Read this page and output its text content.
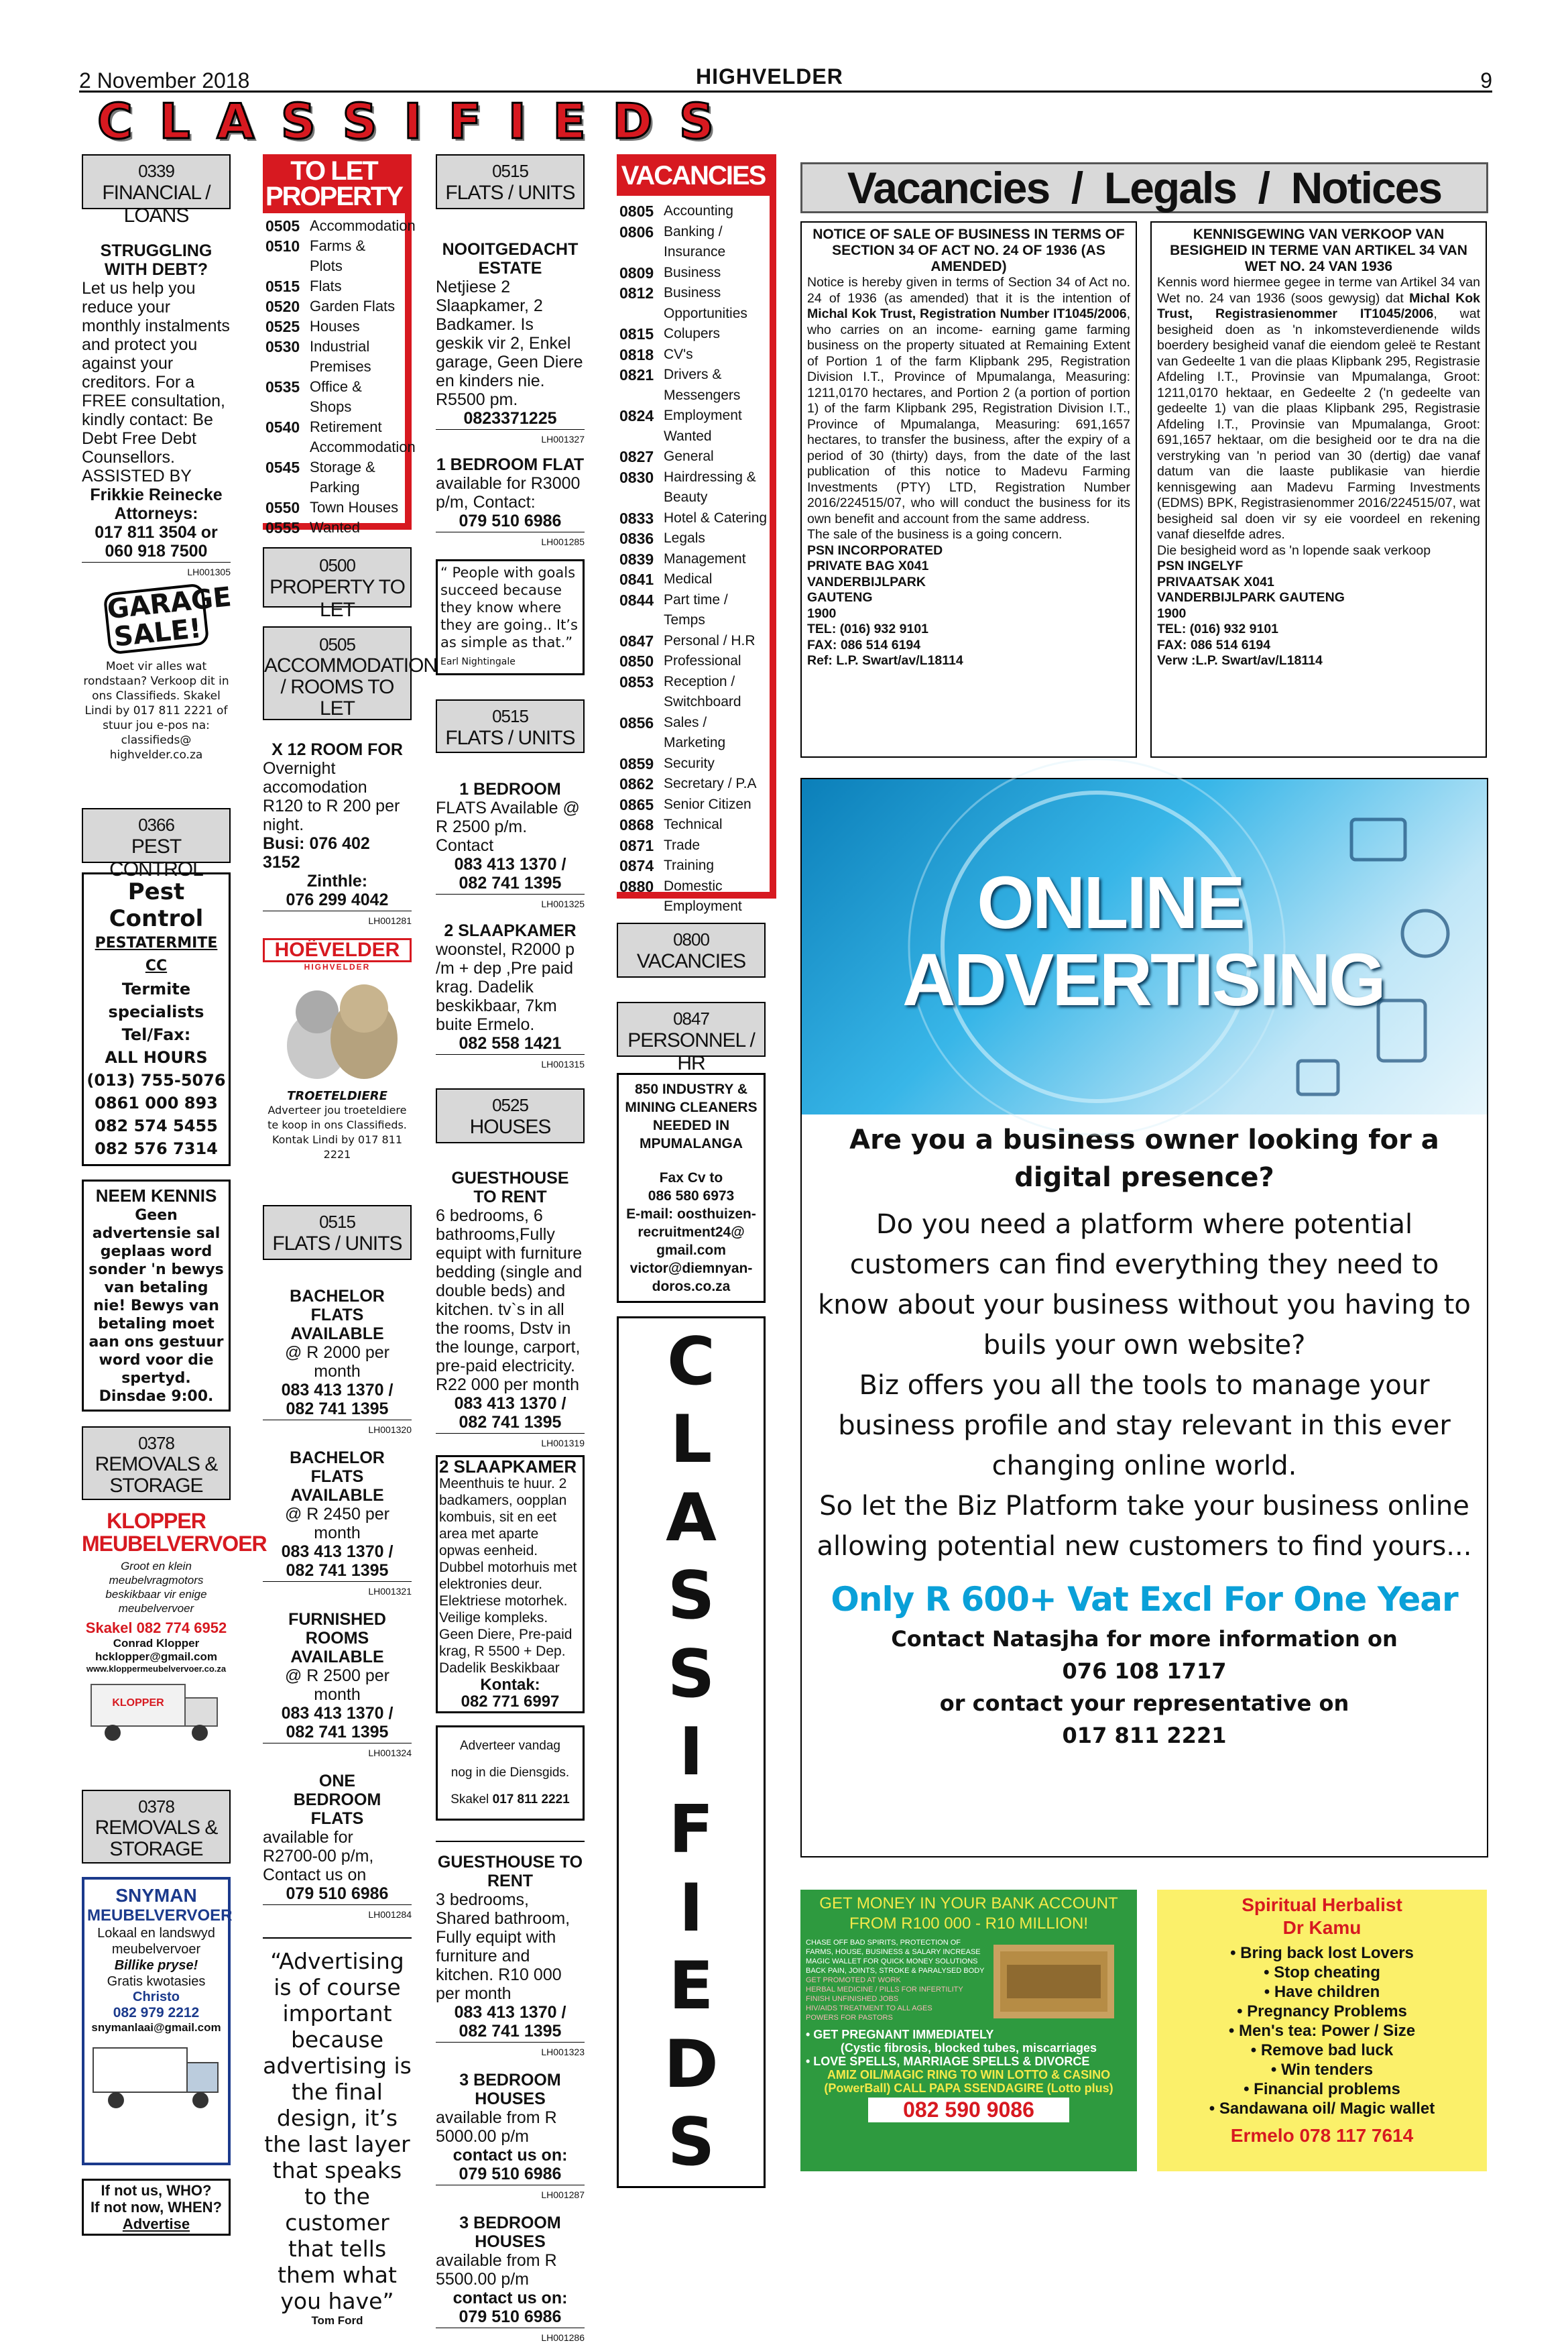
2 November 2018	HIGHVELDER	9
C L A S S I F I E D S
0339
FINANCIAL / LOANS
STRUGGLING WITH DEBT?
Let us help you reduce your monthly instalments and protect you against your creditors. For a FREE consultation, kindly contact: Be Debt Free Debt Counsellors. ASSISTED BY
Frikkie Reinecke
Attorneys:
017 811 3504 or 060 918 7500
LH001305
GARAGE SALE!
Moet vir alles wat rondstaan? Verkoop dit in ons Classifieds. Skakel Lindi by 017 811 2221 of stuur jou e-pos na: classifieds@ highvelder.co.za
0366
PEST CONTROL
Pest Control
PESTATERMITE CC
Termite
specialists
Tel/Fax:
ALL HOURS
(013) 755-5076
0861 000 893
082 574 5455
082 576 7314
NEEM KENNIS
Geen advertensie sal geplaas word sonder 'n bewys van betaling nie! Bewys van betaling moet aan ons gestuur word voor die spertyd. Dinsdae 9:00.
0378
REMOVALS & STORAGE
KLOPPER MEUBELVERVOER
Groot en klein meubelvragmotors beskikbaar vir enige meubelvervoer
Skakel 082 774 6952
Conrad Klopper
hcklopper@gmail.com
www.kloppermeubelvervoer.co.za
KLOPPER
0378
REMOVALS & STORAGE
SNYMAN
MEUBELVERVOER
Lokaal en landswyd
meubelvervoer
Billike pryse!
Gratis kwotasies
Christo
082 979 2212
snymanlaai@gmail.com
If not us, WHO?
If not now, WHEN?
Advertise
TO LET PROPERTY
0505 Accommodation
0510 Farms & Plots
0515 Flats
0520 Garden Flats
0525 Houses
0530 Industrial Premises
0535 Office & Shops
0540 Retirement Accommodation
0545 Storage & Parking
0550 Town Houses
0555 Wanted
0500
PROPERTY TO LET
0505
ACCOMMODATION / ROOMS TO LET
X 12 ROOM FOR
Overnight accomodation R120 to R 200 per night.
Busi: 076 402 3152
Zinthle:
076 299 4042
LH001281
HOËVELDER
HIGHVELDER
TROETELDIERE
Adverteer jou troeteldiere te koop in ons Classifieds. Kontak Lindi by 017 811 2221
0515
FLATS / UNITS
BACHELOR FLATS AVAILABLE
@ R 2000 per month
083 413 1370 / 082 741 1395
LH001320
BACHELOR FLATS AVAILABLE
@ R 2450 per month
083 413 1370 / 082 741 1395
LH001321
FURNISHED ROOMS AVAILABLE
@ R 2500 per month
083 413 1370 / 082 741 1395
LH001324
ONE BEDROOM FLATS
available for R2700-00 p/m, Contact us on
079 510 6986
LH001284
“Advertising is of course important because advertising is the final design, it’s the last layer that speaks to the customer that tells them what you have”
Tom Ford
0515
FLATS / UNITS
NOOITGEDACHT ESTATE
Netjiese 2 Slaapkamer, 2 Badkamer. Is geskik vir 2, Enkel garage, Geen Diere en kinders nie. R5500 pm.
0823371225
LH001327
1 BEDROOM FLAT
available for R3000 p/m, Contact:
079 510 6986
LH001285
“ People with goals succeed because they know where they are going.. It’s as simple as that.” Earl Nightingale
0515
FLATS / UNITS
1 BEDROOM
FLATS Available @ R 2500 p/m. Contact
083 413 1370 / 082 741 1395
LH001325
2 SLAAPKAMER
woonstel, R2000 p /m + dep ,Pre paid krag. Dadelik beskikbaar, 7km buite Ermelo.
082 558 1421
LH001315
0525
HOUSES
GUESTHOUSE TO RENT
6 bedrooms, 6 bathrooms,Fully equipt with furniture bedding (single and double beds) and kitchen. tv`s in all the rooms, Dstv in the lounge, carport, pre-paid electricity. R22 000 per month
083 413 1370 / 082 741 1395
LH001319
2 SLAAPKAMER
Meenthuis te huur. 2 badkamers, oopplan kombuis, sit en eet area met aparte opwas eenheid. Dubbel motorhuis met elektronies deur. Elektriese motorhek. Veilige kompleks. Geen Diere, Pre-paid krag, R 5500 + Dep. Dadelik Beskikbaar
Kontak:
082 771 6997
Adverteer vandag
nog in die Diensgids.
Skakel 017 811 2221
GUESTHOUSE TO RENT
3 bedrooms, Shared bathroom, Fully equipt with furniture and kitchen. R10 000 per month
083 413 1370 / 082 741 1395
LH001323
3 BEDROOM HOUSES
available from R 5000.00 p/m
contact us on:
079 510 6986
LH001287
3 BEDROOM HOUSES
available from R 5500.00 p/m
contact us on:
079 510 6986
LH001286
VACANCIES
0805 Accounting
0806 Banking / Insurance
0809 Business
0812 Business Opportunities
0815 Colupers
0818 CV's
0821 Drivers & Messengers
0824 Employment Wanted
0827 General
0830 Hairdressing & Beauty
0833 Hotel & Catering
0836 Legals
0839 Management
0841 Medical
0844 Part time / Temps
0847 Personal / H.R
0850 Professional
0853 Reception / Switchboard
0856 Sales / Marketing
0859 Security
0862 Secretary / P.A
0865 Senior Citizen
0868 Technical
0871 Trade
0874 Training
0880 Domestic Employment
0800
VACANCIES
0847
PERSONNEL / HR
850 INDUSTRY & MINING CLEANERS NEEDED IN MPUMALANGA
Fax Cv to
086 580 6973
E-mail: oosthuizen-recruitment24@ gmail.com
victor@diemnyan-doros.co.za
C
L
A
S
S
I
F
I
E
D
S
Vacancies  /  Legals  /  Notices
NOTICE OF SALE OF BUSINESS IN TERMS OF SECTION 34 OF ACT NO. 24 OF 1936 (AS AMENDED)
Notice is hereby given in terms of Section 34 of Act no. 24 of 1936 (as amended) that it is the intention of Michal Kok Trust, Registration Number IT1045/2006, who carries on an income- earning game farming business on the property situated at Remaining Extent of Portion 1 of the farm Klipbank 295, Registration Division I.T., Province of Mpumalanga, Measuring: 1211,0170 hectares, and Portion 2 (a portion of portion 1) of the farm Klipbank 295, Registration Division I.T., Province of Mpumalanga, Measuring: 691,1657 hectares, to transfer the business, after the expiry of a period of 30 (thirty) days, from the date of the last publication of this notice to Madevu Farming Investments (PTY) LTD, Registration Number 2016/224515/07, who will conduct the business for its own benefit and account from the same address.
The sale of the business is a going concern.
PSN INCORPORATED
PRIVATE BAG X041
VANDERBIJLPARK
GAUTENG
1900
TEL: (016) 932 9101
FAX: 086 514 6194
Ref: L.P. Swart/av/L18114
KENNISGEWING VAN VERKOOP VAN BESIGHEID IN TERME VAN ARTIKEL 34 VAN WET NO. 24 VAN 1936
Kennis word hiermee gegee in terme van Artikel 34 van Wet no. 24 van 1936 (soos gewysig) dat Michal Kok Trust, Registrasienommer IT1045/2006, wat besigheid doen as 'n inkomsteverdienende wilds boerdery besigheid vanaf die eiendom geleë te Restant van Gedeelte 1 van die plaas Klipbank 295, Registrasie Afdeling I.T., Provinsie van Mpumalanga, Groot: 1211,0170 hektaar, en Gedeelte 2 ('n gedeelte van gedeelte 1) van die plaas Klipbank 295, Registrasie Afdeling I.T., Provinsie van Mpumalanga, Groot: 691,1657 hektaar, om die besigheid oor te dra na die verstryking van 'n period van 30 (dertig) dae vanaf datum van die laaste publikasie van hierdie kennisgewing aan Madevu Farming Investments (EDMS) BPK, Registrasienommer 2016/224515/07, wat besigheid sal doen vir sy eie voordeel en rekening vanaf dieselfde adres.
Die besigheid word as 'n lopende saak verkoop
PSN INGELYF
PRIVAATSAK X041
VANDERBIJLPARK GAUTENG
1900
TEL: (016) 932 9101
FAX: 086 514 6194
Verw :L.P. Swart/av/L18114
ONLINE
ADVERTISING
Are you a business owner looking for a digital presence?
Do you need a platform where potential customers can find everything they need to know about your business without you having to buils your own website?
Biz offers you all the tools to manage your business profile and stay relevant in this ever changing online world.
So let the Biz Platform take your business online allowing potential new customers to find yours...
Only R 600+ Vat Excl For One Year
Contact Natasjha for more information on
076 108 1717
or contact your representative on
017 811 2221
GET MONEY IN YOUR BANK ACCOUNT FROM R100 000 - R10 MILLION!
CHASE OFF BAD SPIRITS, PROTECTION OF FARMS, HOUSE, BUSINESS & SALARY INCREASE
MAGIC WALLET FOR QUICK MONEY SOLUTIONS
BACK PAIN, JOINTS, STROKE & PARALYSED BODY
GET PROMOTED AT WORK
HERBAL MEDICINE / PILLS FOR INFERTILITY
FINISH UNFINISHED JOBS
HIV/AIDS TREATMENT TO ALL AGES
POWERS FOR PASTORS
• GET PREGNANT IMMEDIATELY
(Cystic fibrosis, blocked tubes, miscarriages
• LOVE SPELLS, MARRIAGE SPELLS & DIVORCE
AMIZ OIL/MAGIC RING TO WIN LOTTO & CASINO
(PowerBall) CALL PAPA SSENDAGIRE (Lotto plus)
082 590 9086
Spiritual Herbalist
Dr Kamu
• Bring back lost Lovers
• Stop cheating
• Have children
• Pregnancy Problems
• Men's tea: Power / Size
• Remove bad luck
• Win tenders
• Financial problems
• Sandawana oil/ Magic wallet
Ermelo 078 117 7614
